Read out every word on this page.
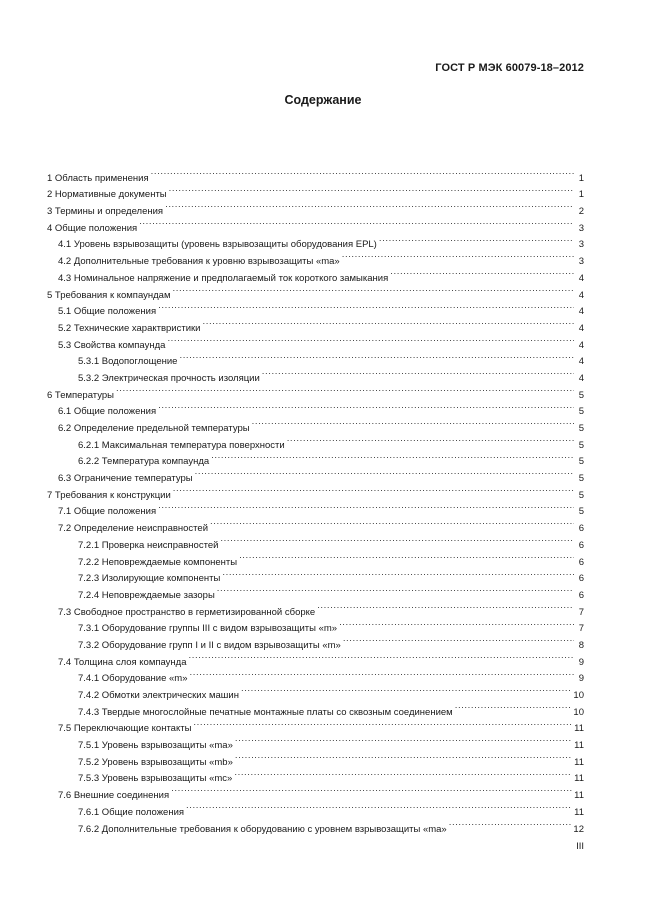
ГОСТ Р МЭК 60079-18–2012
Содержание
1 Область применения .....	1
2 Нормативные документы .....	1
3 Термины и определения .....	2
4 Общие положения .....	3
4.1 Уровень взрывозащиты (уровень взрывозащиты оборудования EPL) .....	3
4.2 Дополнительные требования к уровню взрывозащиты «ma» .....	3
4.3 Номинальное напряжение и предполагаемый ток короткого замыкания .....	4
5 Требования к компаундам .....	4
5.1 Общие положения .....	4
5.2 Технические характвристики .....	4
5.3 Свойства компаунда .....	4
5.3.1 Водопоглощение .....	4
5.3.2 Электрическая прочность изоляции .....	4
6 Температуры .....	5
6.1 Общие положения .....	5
6.2 Определение предельной температуры .....	5
6.2.1 Максимальная температура поверхности .....	5
6.2.2 Температура компаунда .....	5
6.3 Ограничение температуры .....	5
7 Требования к конструкции .....	5
7.1 Общие положения .....	5
7.2 Определение неисправностей .....	6
7.2.1 Проверка неисправностей .....	6
7.2.2 Неповреждаемые компоненты .....	6
7.2.3 Изолирующие компоненты .....	6
7.2.4 Неповреждаемые зазоры .....	6
7.3 Свободное пространство в герметизированной сборке .....	7
7.3.1 Оборудование группы III с видом взрывозащиты «m» .....	7
7.3.2 Оборудование групп I и II с видом взрывозащиты «m» .....	8
7.4 Толщина слоя компаунда .....	9
7.4.1 Оборудование «m» .....	9
7.4.2 Обмотки электрических машин .....	10
7.4.3 Твердые многослойные печатные монтажные платы со сквозным соединением .....	10
7.5 Переключающие контакты .....	11
7.5.1 Уровень взрывозащиты «ma» .....	11
7.5.2 Уровень взрывозащиты «mb» .....	11
7.5.3 Уровень взрывозащиты «mc» .....	11
7.6 Внешние соединения .....	11
7.6.1 Общие положения .....	11
7.6.2 Дополнительные требования к оборудованию с уровнем взрывозащиты «ma» .....	12
III
